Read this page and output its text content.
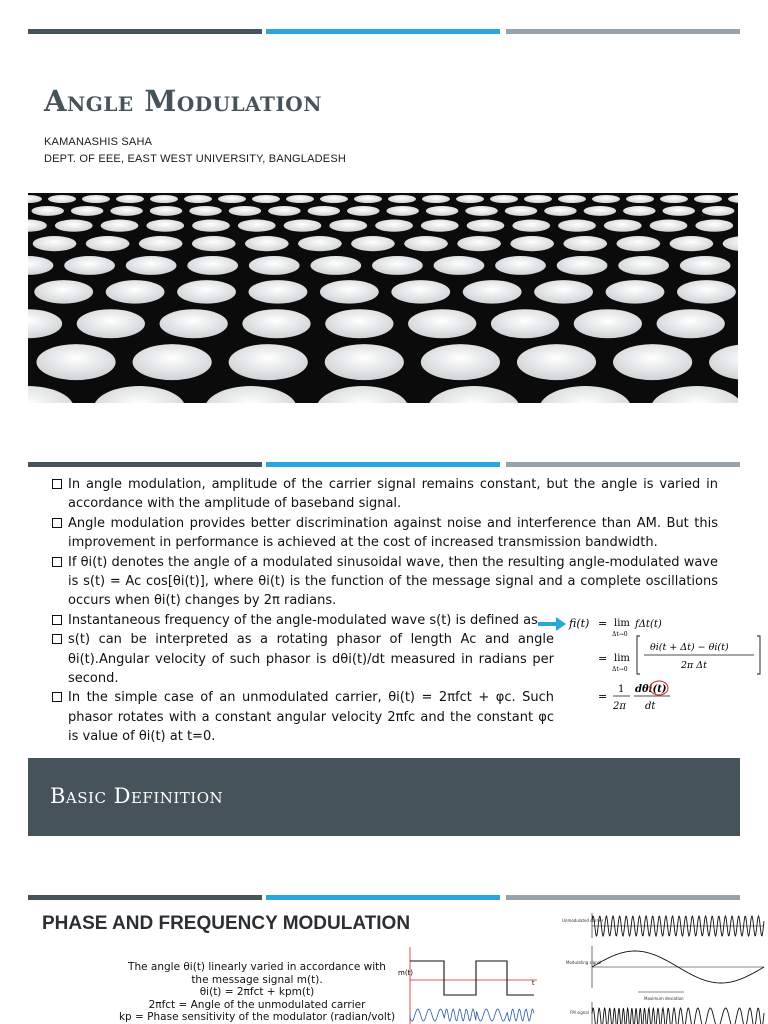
Angle Modulation
KAMANASHIS SAHA
DEPT. OF EEE, EAST WEST UNIVERSITY, BANGLADESH
In angle modulation, amplitude of the carrier signal remains constant, but the angle is varied in accordance with the amplitude of baseband signal.
Angle modulation provides better discrimination against noise and interference than AM. But this improvement in performance is achieved at the cost of increased transmission bandwidth.
If θi(t) denotes the angle of a modulated sinusoidal wave, then the resulting angle-modulated wave is s(t) = Ac cos[θi(t)], where θi(t) is the function of the message signal and a complete oscillations occurs when θi(t) changes by 2π radians.
Instantaneous frequency of the angle-modulated wave s(t) is defined as
s(t) can be interpreted as a rotating phasor of length Ac and angle θi(t).Angular velocity of such phasor is dθi(t)/dt measured in radians per second.
In the simple case of an unmodulated carrier, θi(t) = 2πfct + φc. Such phasor rotates with a constant angular velocity 2πfc and the constant φc is value of θi(t) at t=0.
fi(t) = lim
Δt→0
fΔt(t)
= lim
Δt→0
θi(t + Δt) − θi(t)
2π Δt
=
1
2π
dθi(t)
dt
Basic Definition
PHASE AND FREQUENCY MODULATION
The angle θi(t) linearly varied in accordance with
the message signal m(t).
θi(t) = 2πfct + kpm(t)
2πfct = Angle of the unmodulated carrier
kp = Phase sensitivity of the modulator (radian/volt)
m(t)
t
Unmodulated carrier
Modulating signal
Maximum deviation
FM signal
